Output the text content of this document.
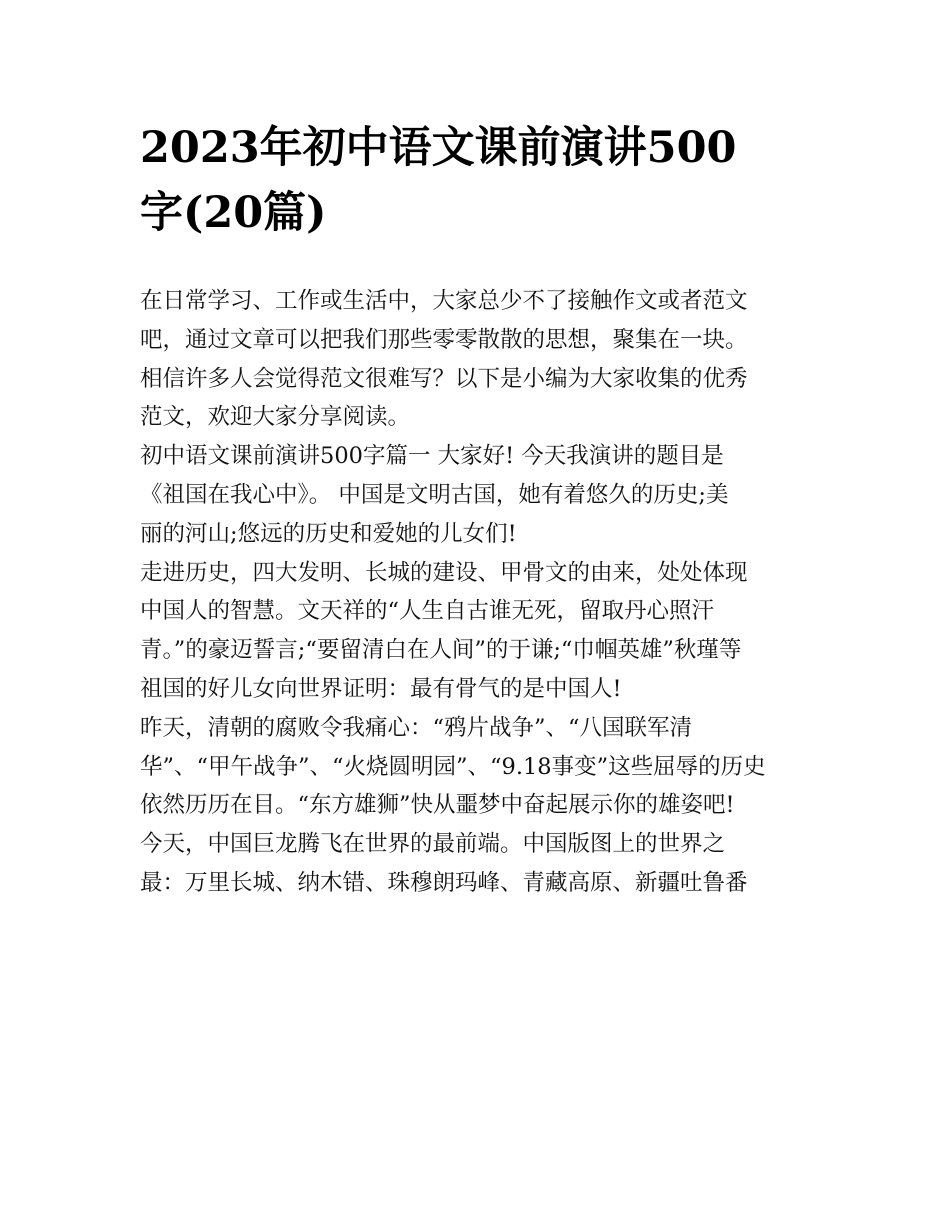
2023年初中语文课前演讲500
字(20篇)
在日常学习、工作或生活中，大家总少不了接触作文或者范文
吧，通过文章可以把我们那些零零散散的思想，聚集在一块。
相信许多人会觉得范文很难写？以下是小编为大家收集的优秀
范文，欢迎大家分享阅读。
初中语文课前演讲500字篇一 大家好! 今天我演讲的题目是
《祖国在我心中》。 中国是文明古国，她有着悠久的历史;美
丽的河山;悠远的历史和爱她的儿女们!
走进历史，四大发明、长城的建设、甲骨文的由来，处处体现
中国人的智慧。文天祥的“人生自古谁无死，留取丹心照汗
青。”的豪迈誓言;“要留清白在人间”的于谦;“巾帼英雄”秋瑾等
祖国的好儿女向世界证明：最有骨气的是中国人!
昨天，清朝的腐败令我痛心：“鸦片战争”、“八国联军清
华”、“甲午战争”、“火烧圆明园”、“9.18事变”这些屈辱的历史
依然历历在目。“东方雄狮”快从噩梦中奋起展示你的雄姿吧!
今天，中国巨龙腾飞在世界的最前端。中国版图上的世界之
最：万里长城、纳木错、珠穆朗玛峰、青藏高原、新疆吐鲁番
